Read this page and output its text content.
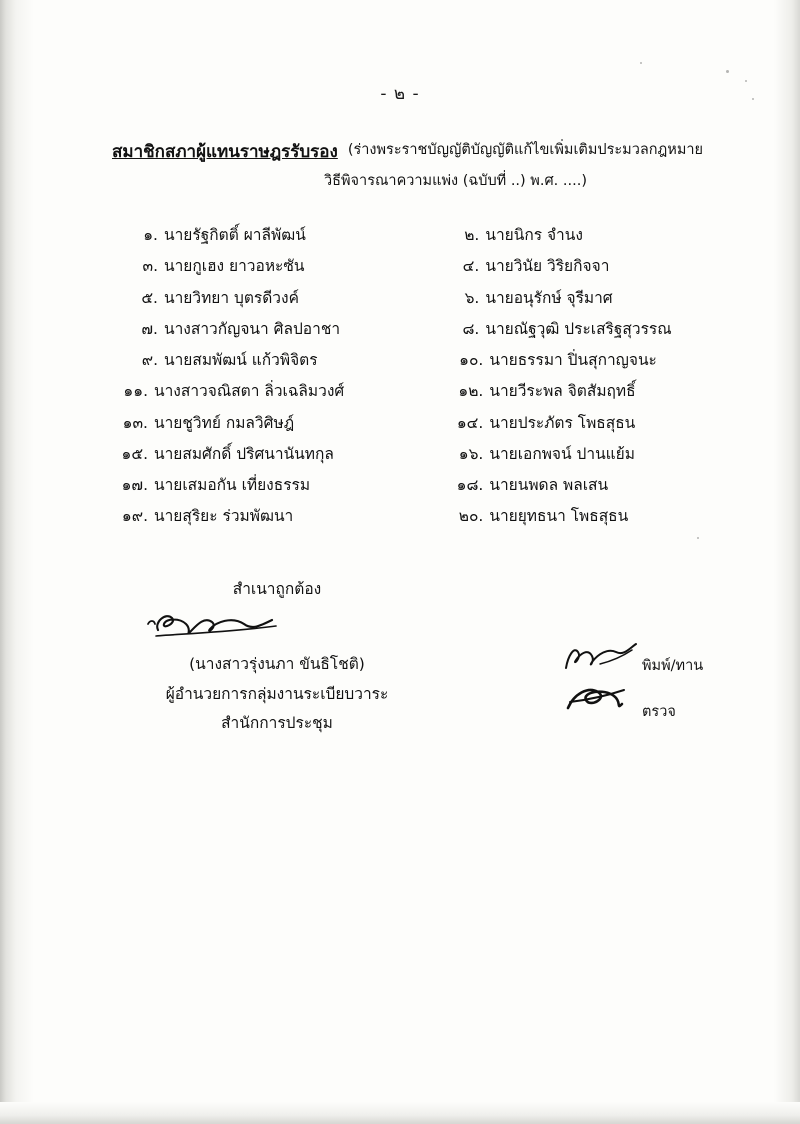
- ๒ -
สมาชิกสภาผู้แทนราษฎรรับรอง (ร่างพระราชบัญญัติบัญญัติแก้ไขเพิ่มเติมประมวลกฎหมาย
วิธีพิจารณาความแพ่ง (ฉบับที่ ..) พ.ศ. ....)
๑. นายรัฐกิตติ์ ผาลีพัฒน์	๒. นายนิกร จำนง
๓. นายกูเฮง ยาวอหะซัน	๔. นายวินัย วิริยกิจจา
๕. นายวิทยา บุตรดีวงค์	๖. นายอนุรักษ์ จุรีมาศ
๗. นางสาวกัญจนา ศิลปอาชา	๘. นายณัฐวุฒิ ประเสริฐสุวรรณ
๙. นายสมพัฒน์ แก้วพิจิตร	๑๐. นายธรรมา ปิ่นสุกาญจนะ
๑๑. นางสาวจณิสตา ลิ่วเฉลิมวงศ์	๑๒. นายวีระพล จิตสัมฤทธิ์
๑๓. นายชูวิทย์ กมลวิศิษฎ์	๑๔. นายประภัตร โพธสุธน
๑๕. นายสมศักดิ์ ปริศนานันทกุล	๑๖. นายเอกพจน์ ปานแย้ม
๑๗. นายเสมอกัน เที่ยงธรรม	๑๘. นายนพดล พลเสน
๑๙. นายสุริยะ ร่วมพัฒนา	๒๐. นายยุทธนา โพธสุธน
สำเนาถูกต้อง
(นางสาวรุ่งนภา ขันธิโชติ)
ผู้อำนวยการกลุ่มงานระเบียบวาระ
สำนักการประชุม
พิมพ์/ทาน
ตรวจ
